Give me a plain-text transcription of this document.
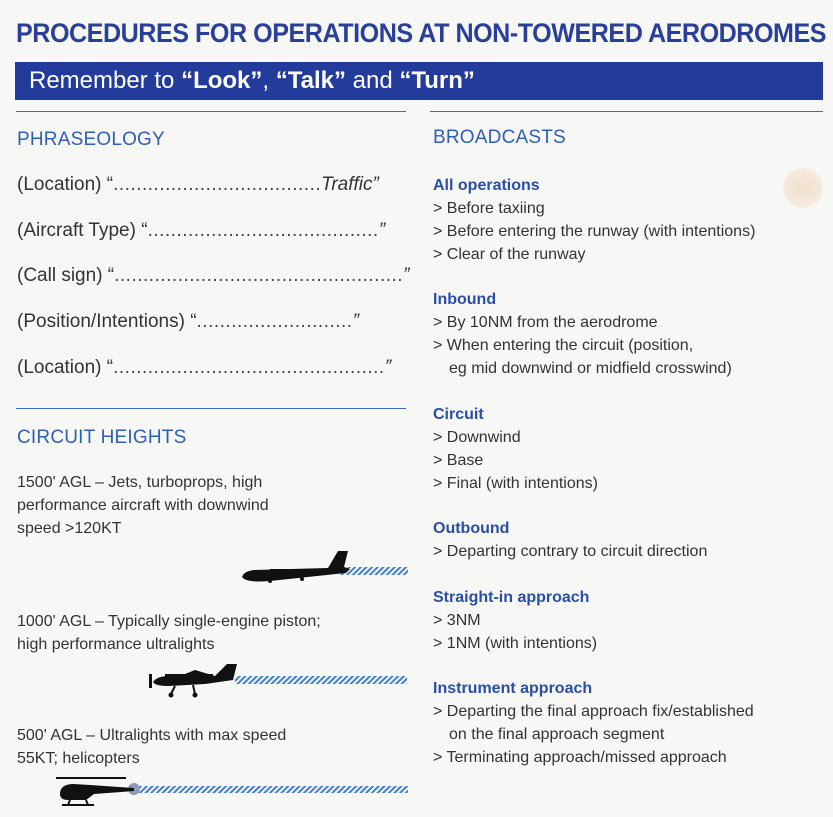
PROCEDURES FOR OPERATIONS AT NON-TOWERED AERODROMES
Remember to “Look”, “Talk” and “Turn”
PHRASEOLOGY
(Location) “....................................Traffic”
(Aircraft Type) “........................................”
(Call sign) “..................................................”
(Position/Intentions) “...........................”
(Location) “...............................................”
CIRCUIT HEIGHTS
1500' AGL – Jets, turboprops, high
performance aircraft with downwind
speed >120KT
1000' AGL – Typically single-engine piston;
high performance ultralights
500' AGL – Ultralights with max speed
55KT; helicopters
BROADCASTS
All operations
> Before taxiing
> Before entering the runway (with intentions)
> Clear of the runway
Inbound
> By 10NM from the aerodrome
> When entering the circuit (position,
eg mid downwind or midfield crosswind)
Circuit
> Downwind
> Base
> Final (with intentions)
Outbound
> Departing contrary to circuit direction
Straight-in approach
> 3NM
> 1NM (with intentions)
Instrument approach
> Departing the final approach fix/established
on the final approach segment
> Terminating approach/missed approach
